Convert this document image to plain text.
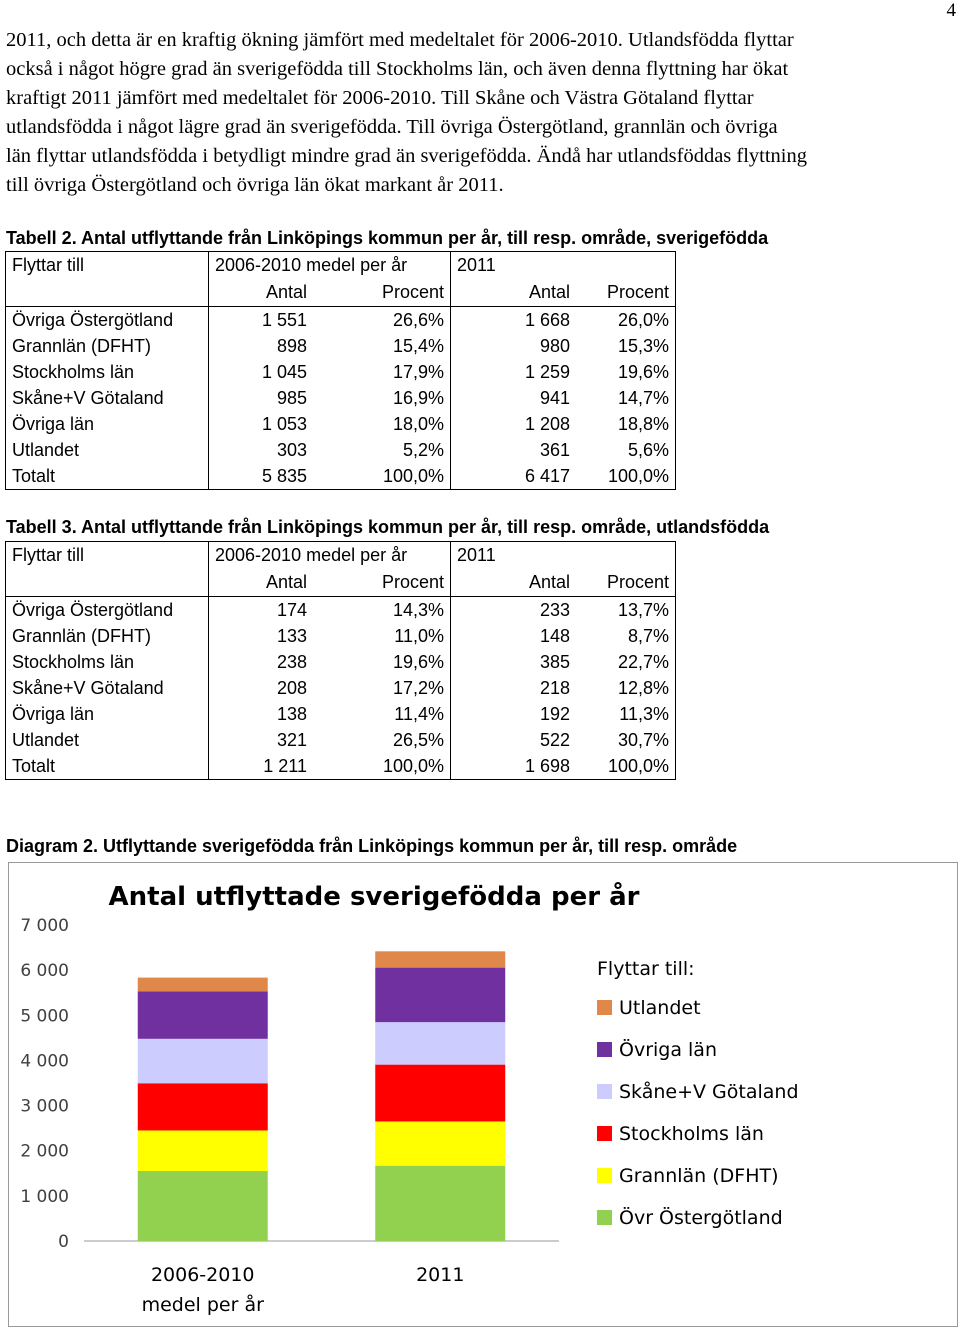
4

2011, och detta är en kraftig ökning jämfört med medeltalet för 2006-2010. Utlandsfödda flyttar
också i något högre grad än sverigefödda till Stockholms län, och även denna flyttning har ökat
kraftigt 2011 jämfört med medeltalet för 2006-2010. Till Skåne och Västra Götaland flyttar
utlandsfödda i något lägre grad än sverigefödda. Till övriga Östergötland, grannlän och övriga
län flyttar utlandsfödda i betydligt mindre grad än sverigefödda. Ändå har utlandsföddas flyttning
till övriga Östergötland och övriga län ökat markant år 2011.

Tabell 2. Antal utflyttande från Linköpings kommun per år, till resp. område, sverigefödda
Flyttar till	2006-2010 medel per år		2011	
	Antal	Procent	Antal	Procent
Övriga Östergötland	1 551	26,6%	1 668	26,0%
Grannlän (DFHT)	898	15,4%	980	15,3%
Stockholms län	1 045	17,9%	1 259	19,6%
Skåne+V Götaland	985	16,9%	941	14,7%
Övriga län	1 053	18,0%	1 208	18,8%
Utlandet	303	5,2%	361	5,6%
Totalt	5 835	100,0%	6 417	100,0%
Tabell 3. Antal utflyttande från Linköpings kommun per år, till resp. område, utlandsfödda
Flyttar till	2006-2010 medel per år		2011	
	Antal	Procent	Antal	Procent
Övriga Östergötland	174	14,3%	233	13,7%
Grannlän (DFHT)	133	11,0%	148	8,7%
Stockholms län	238	19,6%	385	22,7%
Skåne+V Götaland	208	17,2%	218	12,8%
Övriga län	138	11,4%	192	11,3%
Utlandet	321	26,5%	522	30,7%
Totalt	1 211	100,0%	1 698	100,0%
Diagram 2. Utflyttande sverigefödda från Linköpings kommun per år, till resp. område
Antal utflyttade sverigefödda per år
0
1 000
2 000
3 000
4 000
5 000
6 000
7 000
2006-2010
medel per år
2011
Flyttar till:
Utlandet
Övriga län
Skåne+V Götaland
Stockholms län
Grannlän (DFHT)
Övr Östergötland
